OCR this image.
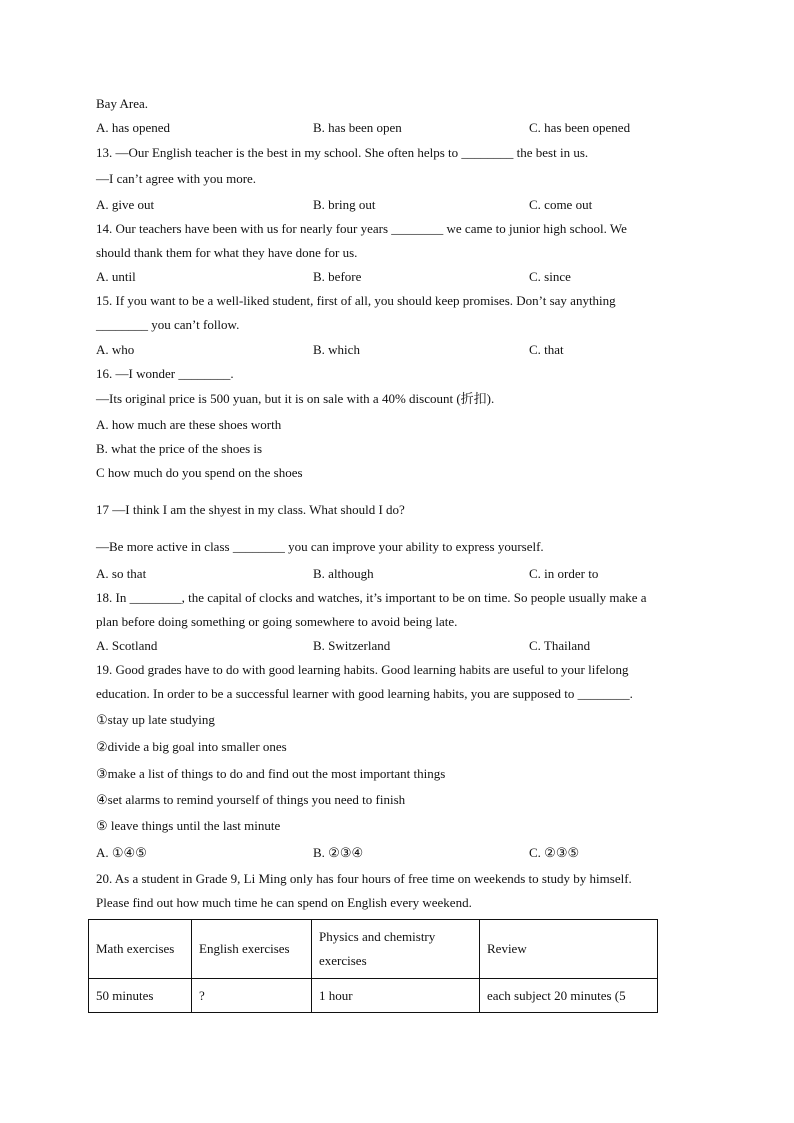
Bay Area.
A. has opened	B. has been open	C. has been opened
13. —Our English teacher is the best in my school. She often helps to ________ the best in us.
—I can’t agree with you more.
A. give out	B. bring out	C. come out
14. Our teachers have been with us for nearly four years ________ we came to junior high school. We
should thank them for what they have done for us.
A. until	B. before	C. since
15. If you want to be a well-liked student, first of all, you should keep promises. Don’t say anything
________ you can’t follow.
A. who	B. which	C. that
16. —I wonder ________.
—Its original price is 500 yuan, but it is on sale with a 40% discount (折扣).
A. how much are these shoes worth
B. what the price of the shoes is
C how much do you spend on the shoes
17 —I think I am the shyest in my class. What should I do?
—Be more active in class ________ you can improve your ability to express yourself.
A. so that	B. although	C. in order to
18. In ________, the capital of clocks and watches, it’s important to be on time. So people usually make a
plan before doing something or going somewhere to avoid being late.
A. Scotland	B. Switzerland	C. Thailand
19. Good grades have to do with good learning habits. Good learning habits are useful to your lifelong
education. In order to be a successful learner with good learning habits, you are supposed to ________.
①stay up late studying
②divide a big goal into smaller ones
③make a list of things to do and find out the most important things
④set alarms to remind yourself of things you need to finish
⑤ leave things until the last minute
A. ①④⑤	B. ②③④	C. ②③⑤
20. As a student in Grade 9, Li Ming only has four hours of free time on weekends to study by himself.
Please find out how much time he can spend on English every weekend.
Math exercises	English exercises	Physics and chemistry exercises	Review
50 minutes	?	1 hour	each subject 20 minutes (5
